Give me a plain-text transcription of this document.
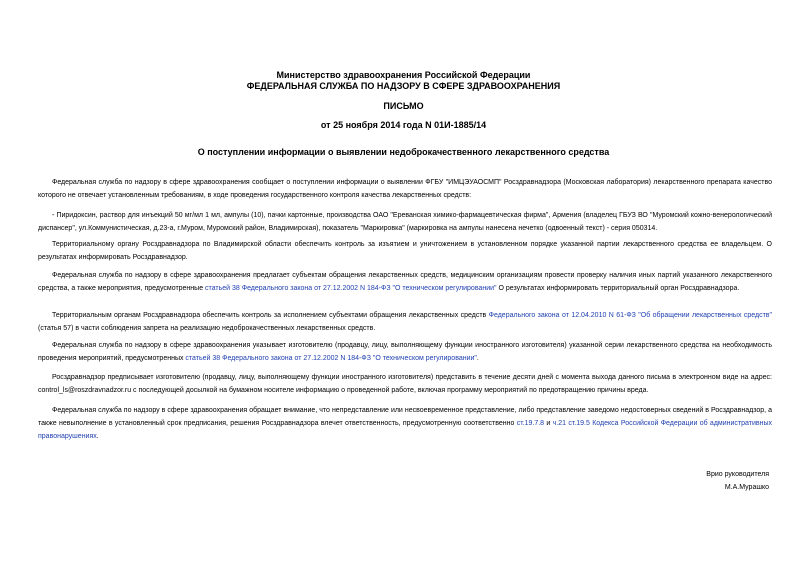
Министерство здравоохранения Российской Федерации
ФЕДЕРАЛЬНАЯ СЛУЖБА ПО НАДЗОРУ В СФЕРЕ ЗДРАВООХРАНЕНИЯ
ПИСЬМО
от 25 ноября 2014 года N 01И-1885/14
О поступлении информации о выявлении недоброкачественного лекарственного средства
Федеральная служба по надзору в сфере здравоохранения сообщает о поступлении информации о выявлении ФГБУ "ИМЦЭУАОСМП" Росздравнадзора (Московская лаборатория) лекарственного препарата качество которого не отвечает установленным требованиям, в ходе проведения государственного контроля качества лекарственных средств:
- Пиридоксин, раствор для инъекций 50 мг/мл 1 мл, ампулы (10), пачки картонные, производства ОАО "Ереванская химико-фармацевтическая фирма", Армения (владелец ГБУЗ ВО "Муромский кожно-венерологический диспансер", ул.Коммунистическая, д.23-а, г.Муром, Муромский район, Владимирская), показатель "Маркировка" (маркировка на ампулы нанесена нечетко (одвоенный текст) - серия 050314.
Территориальному органу Росздравнадзора по Владимирской области обеспечить контроль за изъятием и уничтожением в установленном порядке указанной партии лекарственного средства ее владельцем. О результатах информировать Росздравнадзор.
Федеральная служба по надзору в сфере здравоохранения предлагает субъектам обращения лекарственных средств, медицинским организациям провести проверку наличия иных партий указанного лекарственного средства, а также мероприятия, предусмотренные статьей 38 Федерального закона от 27.12.2002 N 184-ФЗ "О техническом регулировании" О результатах информировать территориальный орган Росздравнадзора.
Территориальным органам Росздравнадзора обеспечить контроль за исполнением субъектами обращения лекарственных средств Федерального закона от 12.04.2010 N 61-ФЗ "Об обращении лекарственных средств" (статья 57) в части соблюдения запрета на реализацию недоброкачественных лекарственных средств.
Федеральная служба по надзору в сфере здравоохранения указывает изготовителю (продавцу, лицу, выполняющему функции иностранного изготовителя) указанной серии лекарственного средства на необходимость проведения мероприятий, предусмотренных статьей 38 Федерального закона от 27.12.2002 N 184-ФЗ "О техническом регулировании".
Росздравнадзор предписывает изготовителю (продавцу, лицу, выполняющему функции иностранного изготовителя) представить в течение десяти дней с момента выхода данного письма в электронном виде на адрес: control_ls@roszdravnadzor.ru с последующей досылкой на бумажном носителе информацию о проведенной работе, включая программу мероприятий по предотвращению причины вреда.
Федеральная служба по надзору в сфере здравоохранения обращает внимание, что непредставление или несвоевременное представление, либо представление заведомо недостоверных сведений в Росздравнадзор, а также невыполнение в установленный срок предписания, решения Росздравнадзора влечет ответственность, предусмотренную соответственно ст.19.7.8 и ч.21 ст.19.5 Кодекса Российской Федерации об административных правонарушениях.
Врио руководителя
М.А.Мурашко
